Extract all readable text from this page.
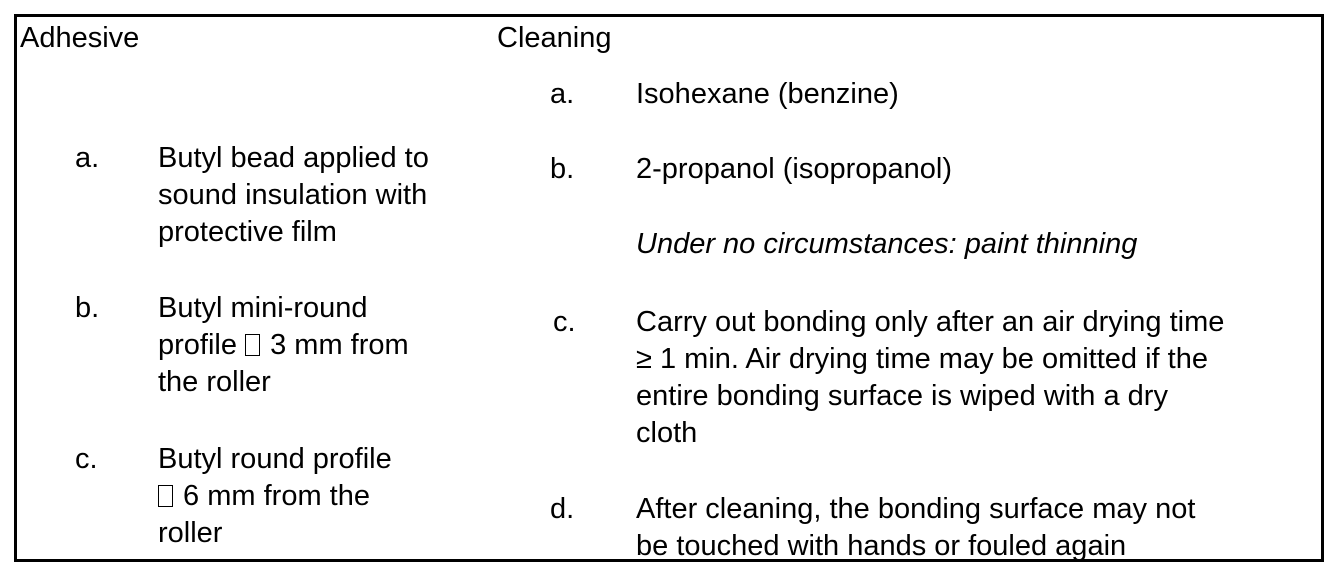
Adhesive
a. Butyl bead applied to
sound insulation with
protective film
b. Butyl mini-round
profile  3 mm from
the roller
c. Butyl round profile
6 mm from the
roller
Cleaning
a. Isohexane (benzine)
b. 2-propanol (isopropanol)
Under no circumstances: paint thinning
c. Carry out bonding only after an air drying time
≥ 1 min. Air drying time may be omitted if the
entire bonding surface is wiped with a dry
cloth
d. After cleaning, the bonding surface may not
be touched with hands or fouled again
